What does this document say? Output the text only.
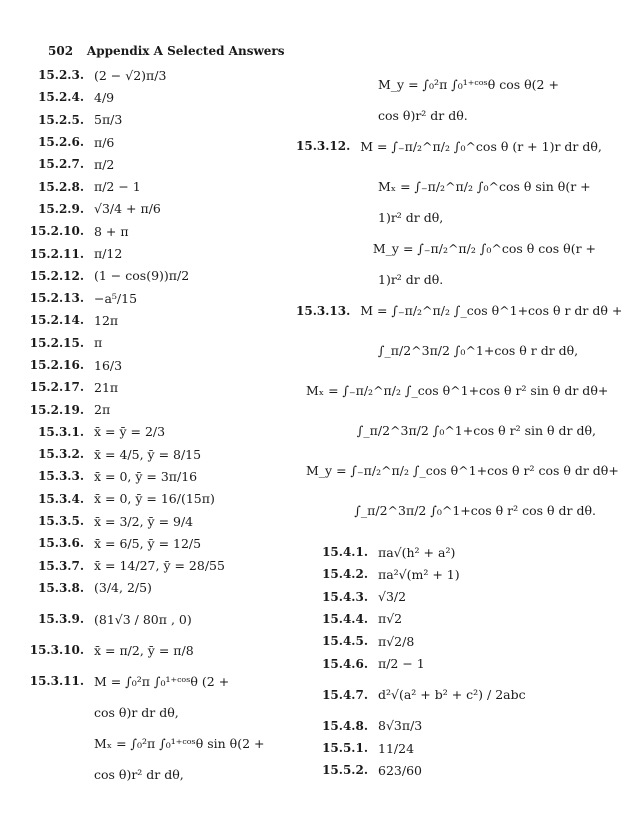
502 Appendix A Selected Answers
15.2.3. (2 − √2)π/3
15.2.4. 4/9
15.2.5. 5π/3
15.2.6. π/6
15.2.7. π/2
15.2.8. π/2 − 1
15.2.9. √3/4 + π/6
15.2.10. 8 + π
15.2.11. π/12
15.2.12. (1 − cos(9))π/2
15.2.13. −a⁵/15
15.2.14. 12π
15.2.15. π
15.2.16. 16/3
15.2.17. 21π
15.2.19. 2π
15.3.1. x̄ = ȳ = 2/3
15.3.2. x̄ = 4/5, ȳ = 8/15
15.3.3. x̄ = 0, ȳ = 3π/16
15.3.4. x̄ = 0, ȳ = 16/(15π)
15.3.5. x̄ = 3/2, ȳ = 9/4
15.3.6. x̄ = 6/5, ȳ = 12/5
15.3.7. x̄ = 14/27, ȳ = 28/55
15.3.8. (3/4, 2/5)
15.3.9. (81√3 / 80π , 0)
15.3.10. x̄ = π/2, ȳ = π/8
15.3.11. M = ∫₀²π ∫₀¹⁺ᶜᵒˢθ (2 +
cos θ)r dr dθ,
Mₓ = ∫₀²π ∫₀¹⁺ᶜᵒˢθ sin θ(2 +
cos θ)r² dr dθ,
M_y = ∫₀²π ∫₀¹⁺ᶜᵒˢθ cos θ(2 +
cos θ)r² dr dθ.
15.3.12. M = ∫₋π/₂^π/₂ ∫₀^cos θ (r + 1)r dr dθ,
Mₓ = ∫₋π/₂^π/₂ ∫₀^cos θ sin θ(r +
1)r² dr dθ,
M_y = ∫₋π/₂^π/₂ ∫₀^cos θ cos θ(r +
1)r² dr dθ.
15.3.13. M = ∫₋π/₂^π/₂ ∫_cos θ^1+cos θ r dr dθ +
∫_π/2^3π/2 ∫₀^1+cos θ r dr dθ,
Mₓ = ∫₋π/₂^π/₂ ∫_cos θ^1+cos θ r² sin θ dr dθ+
∫_π/2^3π/2 ∫₀^1+cos θ r² sin θ dr dθ,
M_y = ∫₋π/₂^π/₂ ∫_cos θ^1+cos θ r² cos θ dr dθ+
∫_π/2^3π/2 ∫₀^1+cos θ r² cos θ dr dθ.
15.4.1. πa√(h² + a²)
15.4.2. πa²√(m² + 1)
15.4.3. √3/2
15.4.4. π√2
15.4.5. π√2/8
15.4.6. π/2 − 1
15.4.7. d²√(a² + b² + c²) / 2abc
15.4.8. 8√3π/3
15.5.1. 11/24
15.5.2. 623/60
